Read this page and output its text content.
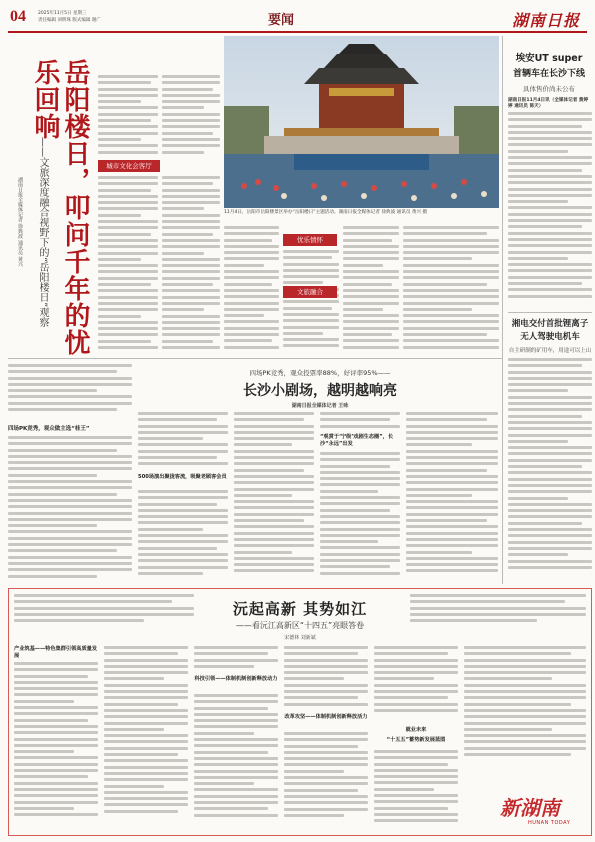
04	2025年11月5日 星期三
责任编辑 刘明珠 版式编辑 谢广	要闻	湖南日报
岳阳楼日，叩问千年的忧乐回响
——文旅深度融合视野下的“岳阳楼日”观察
湖南日报全媒体记者 徐典波 通讯员 黄兴
城市文化会客厅
11月4日，岳阳市岳阳楼景区举办“岳阳楼日”主题活动。湖南日报全媒体记者 徐典波 通讯员 黄兴 摄
忧乐情怀
文旅融合
埃安UT super
首辆车在长沙下线
具体售价尚未公布
湖南日报11月4日讯（全媒体记者 黄婷婷 通讯员 陈天）
湘电交付首批锂离子无人驾驶电机车
自主研制的矿用车，用途可以上山
四场PK竞秀，观众投票率88%，好评率95%——
长沙小剧场，越明越响亮
湖南日报全媒体记者 王咏
四场PK竞秀，观众做主选“桂王”
500场演出聚拢客流，吸聚老顾客会员
“观赏于‘宁级’戏剧生态圈”，长沙“永远”出发
沅起高新 其势如江
——看沅江高新区“十四五”亮眼答卷
宋德林 刘新斌
产业筑基——特色集群引领高质量发展
科技引领——体制机制创新释放动力
改革攻坚——体制机制创新释放活力
就业未来
“十五五”蓄势新发展蓝图
新湖南
HUNAN TODAY
